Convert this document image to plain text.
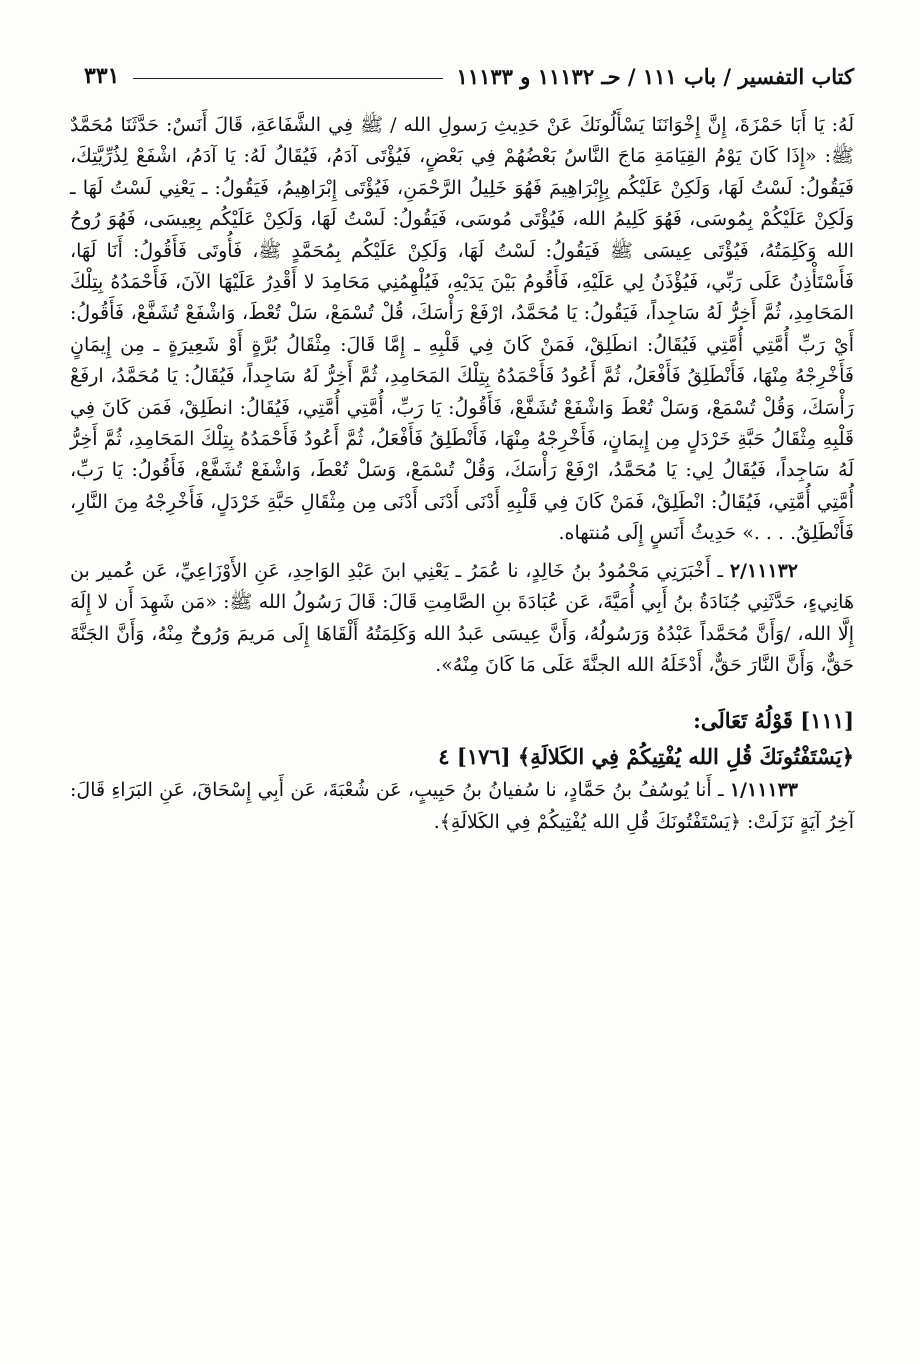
كتاب التفسير / باب ١١١ / حـ ١١١٣٢ و ١١١٣٣
٣٣١

لَهُ: يَا أَبَا حَمْزَةَ، إِنَّ إِخْوَانَنَا يَسْأَلُونَكَ عَنْ حَدِيثِ رَسولِ الله / ﷺ فِي الشَّفَاعَةِ، قَالَ أَنَسٌ: حَدَّثَنَا مُحَمَّدٌ ﷺ: «إِذَا كَانَ يَوْمُ القِيَامَةِ مَاجَ النَّاسُ بَعْضُهُمْ فِي بَعْضٍ، فَيُؤْتَى آدَمُ، فَيُقَالُ لَهُ: يَا آدَمُ، اشْفَعْ لِذُرِّيَّتِكَ، فَيَقُولُ: لَسْتُ لَهَا، وَلَكِنْ عَلَيْكُم بِإِبْرَاهِيمَ فَهُوَ خَلِيلُ الرَّحْمَنِ، فَيُؤْتَى إِبْرَاهِيمُ، فَيَقُولُ: ـ يَعْنِي لَسْتُ لَهَا ـ وَلَكِنْ عَلَيْكُمْ بِمُوسَى، فَهُوَ كَلِيمُ الله، فَيُؤْتَى مُوسَى، فَيَقُولُ: لَسْتُ لَهَا، وَلَكِنْ عَلَيْكُم بِعِيسَى، فَهُوَ رُوحُ الله وَكَلِمَتُهُ، فَيُؤْتَى عِيسَى ﷺ فَيَقُولُ: لَسْتُ لَهَا، وَلَكِنْ عَلَيْكُم بِمُحَمَّدٍ ﷺ، فَأُوتَى فَأَقُولُ: أَنَا لَهَا، فَأَسْتَأْذِنُ عَلَى رَبِّي، فَيُؤْذَنُ لِي عَلَيْهِ، فَأَقُومُ بَيْنَ يَدَيْهِ، فَيُلْهِمُنِي مَحَامِدَ لا أَقْدِرُ عَلَيْهَا الآنَ، فَأَحْمَدُهُ بِتِلْكَ المَحَامِدِ، ثُمَّ أَخِرُّ لَهُ سَاجِداً، فَيَقُولُ: يَا مُحَمَّدُ، ارْفَعْ رَأْسَكَ، قُلْ تُسْمَعْ، سَلْ تُعْطَ، وَاشْفَعْ تُشَفَّعْ، فَأَقُولُ: أَيْ رَبِّ أُمَّتِي أُمَّتِي فَيُقَالُ: انطَلِقْ، فَمَنْ كَانَ فِي قَلْبِهِ ـ إِمَّا قَالَ: مِثْقَالُ بُرَّةٍ أَوْ شَعِيرَةٍ ـ مِن إِيمَانٍ فَأَخْرِجْهُ مِنْهَا، فَأَنْطَلِقُ فَأَفْعَلُ، ثُمَّ أَعُودُ فَأَحْمَدُهُ بِتِلْكَ المَحَامِدِ، ثُمَّ أَخِرُّ لَهُ سَاجِداً، فَيُقَالُ: يَا مُحَمَّدُ، ارفَعْ رَأْسَكَ، وَقُلْ تُسْمَعْ، وَسَلْ تُعْطَ وَاشْفَعْ تُشَفَّعْ، فَأَقُولُ: يَا رَبِّ، أُمَّتِي أُمَّتِي، فَيُقَالُ: انطَلِقْ، فَمَن كَانَ فِي قَلْبِهِ مِثْقَالُ حَبَّةِ خَرْدَلٍ مِن إِيمَانٍ، فَأَخْرِجْهُ مِنْهَا، فَأَنْطَلِقُ فَأَفْعَلُ، ثُمَّ أَعُودُ فَأَحْمَدُهُ بِتِلْكَ المَحَامِدِ، ثُمَّ أَخِرُّ لَهُ سَاجِداً، فَيُقَالُ لِي: يَا مُحَمَّدُ، ارْفَعْ رَأْسَكَ، وَقُلْ تُسْمَعْ، وَسَلْ تُعْطَ، وَاشْفَعْ تُشَفَّعْ، فَأَقُولُ: يَا رَبِّ، أُمَّتِي أُمَّتِي، فَيُقَالُ: انْطَلِقْ، فَمَنْ كَانَ فِي قَلْبِهِ أَدْنَى أَدْنَى أَدْنَى مِن مِثْقَالِ حَبَّةِ خَرْدَلٍ، فَأَخْرِجْهُ مِنَ النَّارِ، فَأَنْطَلِقُ. . . .» حَدِيثُ أَنَسٍ إِلَى مُنتهاه.

٢/١١١٣٢ ـ أَخْبَرَنِي مَحْمُودُ بنُ خَالِدٍ، نا عُمَرُ ـ يَعْنِي ابنَ عَبْدِ الوَاحِدِ، عَنِ الأَوْزَاعِيِّ، عَن عُمير بن هَانِيءٍ، حَدَّثَنِي جُنَادَةُ بنُ أَبِي أُمَيَّةَ، عَن عُبَادَةَ بنِ الصَّامِتِ قَالَ: قَالَ رَسُولُ الله ﷺ: «مَن شَهِدَ أَن لا إِلَهَ إِلَّا الله، /وَأَنَّ مُحَمَّداً عَبْدُهُ وَرَسُولُهُ، وَأَنَّ عِيسَى عَبدُ الله وَكَلِمَتُهُ أَلْقَاهَا إِلَى مَريمَ وَرُوحٌ مِنْهُ، وَأَنَّ الجَنَّةَ حَقٌّ، وَأَنَّ النَّارَ حَقٌّ، أَدْخَلَهُ الله الجنَّةَ عَلَى مَا كَانَ مِنْهُ».

[١١١] قَوْلُهُ تَعَالَى:

﴿يَسْتَفْتُونَكَ قُلِ الله يُفْتِيكُمْ فِي الكَلالَةِ﴾ [١٧٦] ٤

١/١١١٣٣ ـ أَنا يُوسُفُ بنُ حَمَّادٍ، نا سُفيانُ بنُ حَبِيبٍ، عَن شُعْبَةَ، عَن أَبِي إِسْحَاقَ، عَنِ البَرَاءِ قَالَ: آخِرُ آيَةٍ نَزَلَتْ: ﴿يَسْتَفْتُونَكَ قُلِ الله يُفْتِيكُمْ فِي الكَلالَةِ﴾.
